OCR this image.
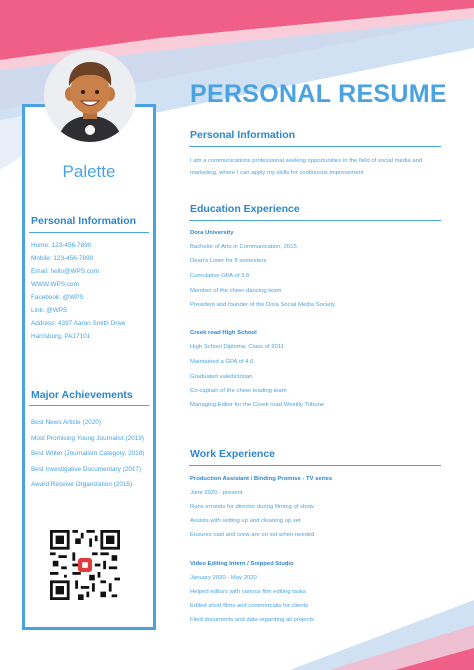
Palette
Personal Information
Home: 123-456-7890
Mobile: 123-456-7890
Email: hello@WPS.com
WWW.WPS.com
Facebook: @WPS
Link: @WPS
Address: 4397 Aaron Smith Drive
Harrisburg, PA17101
Major Achievements
Best News Article (2020)
Most Promising Young Journalist (2019)
Best Writer (Journalism Category, 2018)
Best Investigative Documentary (2017)
Award Receive Organization (2015)
PERSONAL RESUME
Personal Information
I am a communications professional seeking opportunities in the field of social media and marketing, where I can apply my skills for continuous improvement
Education Experience
Dora University
Bachelor of Arts in Communication, 2015
Dean's Lister for 8 semesters
Cumulative GPA of 3.8
Member of the cheer dancing team
President and founder of the Dora Social Media Society
Creek road High School
High School Diploma, Class of 2011
Maintained a GPA of 4.0
Graduated valedictorian
Co-captain of the cheer leading team
Managing Editor for the Creek road Weekly Tribune
Work Experience
Production Assistant / Binding Promise - TV series
June 2020 - present
Runs errands for director during filming of show
Assists with setting up and cleaning up set
Ensures cast and crew are on set when needed
Video Editing Intern / Snipped Studio
January 2020 - May 2020
Helped editors with various film editing tasks
Edited short films and commercials for clients
Filed documents and data regarding all projects
